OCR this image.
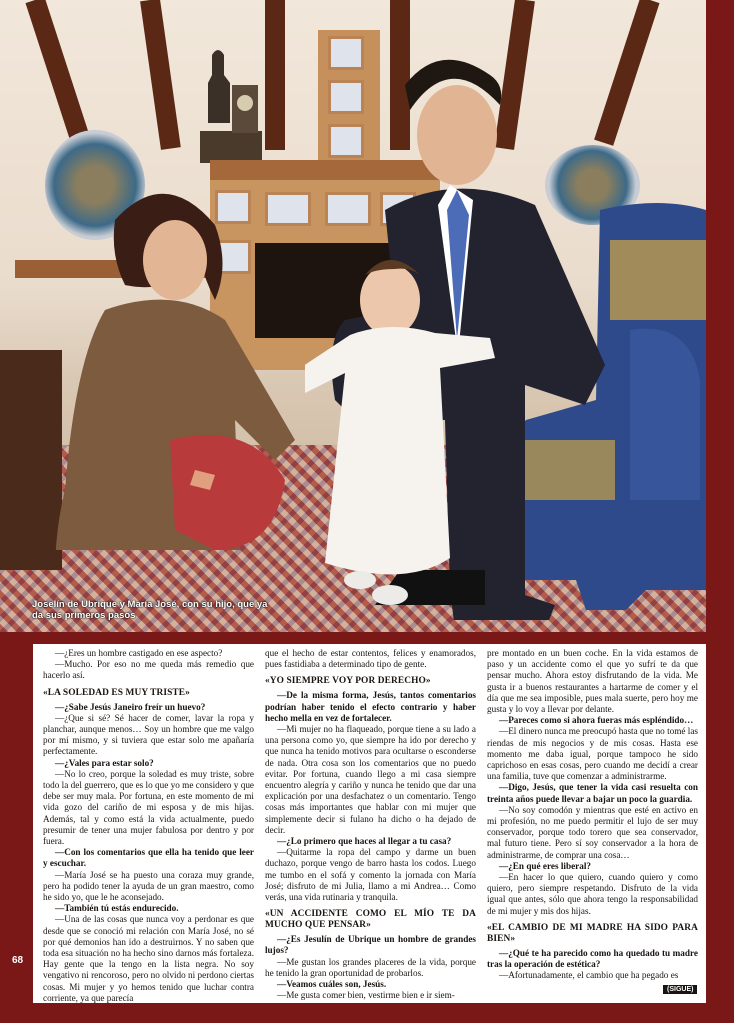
Joselín de Ubrique y María José, con su hijo, que ya da sus primeros pasos

—¿Eres un hombre castigado en ese aspecto?

—Mucho. Por eso no me queda más remedio que hacerlo así.

«LA SOLEDAD ES MUY TRISTE»

—¿Sabe Jesús Janeiro freír un huevo?

—¿Que si sé? Sé hacer de comer, lavar la ropa y planchar, aunque menos… Soy un hombre que me valgo por mí mismo, y si tuviera que estar solo me apañaría perfectamente.

—¿Vales para estar solo?

—No lo creo, porque la soledad es muy triste, sobre todo la del guerrero, que es lo que yo me considero y que debe ser muy mala. Por fortuna, en este momento de mi vida gozo del cariño de mi esposa y de mis hijas. Además, tal y como está la vida actualmente, puedo presumir de tener una mujer fabulosa por dentro y por fuera.

—Con los comentarios que ella ha tenido que leer y escuchar.

—María José se ha puesto una coraza muy grande, pero ha podido tener la ayuda de un gran maestro, como he sido yo, que le he aconsejado.

—También tú estás endurecido.

—Una de las cosas que nunca voy a perdonar es que desde que se conoció mi relación con María José, no sé por qué demonios han ido a destruirnos. Y no saben que toda esa situación no ha hecho sino darnos más fortaleza. Hay gente que la tengo en la lista negra. No soy vengativo ni rencoroso, pero no olvido ni perdono ciertas cosas. Mi mujer y yo hemos tenido que luchar contra corriente, ya que parecía

que el hecho de estar contentos, felices y enamorados, pues fastidiaba a determinado tipo de gente.

«YO SIEMPRE VOY POR DERECHO»

—De la misma forma, Jesús, tantos comentarios podrían haber tenido el efecto contrario y haber hecho mella en vez de fortalecer.

—Mi mujer no ha flaqueado, porque tiene a su lado a una persona como yo, que siempre ha ido por derecho y que nunca ha tenido motivos para ocultarse o esconderse de nada. Otra cosa son los comentarios que no puedo evitar. Por fortuna, cuando llego a mi casa siempre encuentro alegría y cariño y nunca he tenido que dar una explicación por una desfachatez o un comentario. Tengo cosas más importantes que hablar con mi mujer que simplemente decir si fulano ha dicho o ha dejado de decir.

—¿Lo primero que haces al llegar a tu casa?

—Quitarme la ropa del campo y darme un buen duchazo, porque vengo de barro hasta los codos. Luego me tumbo en el sofá y comento la jornada con María José; disfruto de mi Julia, llamo a mi Andrea… Como verás, una vida rutinaria y tranquila.

«UN ACCIDENTE COMO EL MÍO TE DA MUCHO QUE PENSAR»

—¿Es Jesulín de Ubrique un hombre de grandes lujos?

—Me gustan los grandes placeres de la vida, porque he tenido la gran oportunidad de probarlos.

—Veamos cuáles son, Jesús.

—Me gusta comer bien, vestirme bien e ir siem-

pre montado en un buen coche. En la vida estamos de paso y un accidente como el que yo sufrí te da que pensar mucho. Ahora estoy disfrutando de la vida. Me gusta ir a buenos restaurantes a hartarme de comer y el día que me sea imposible, pues mala suerte, pero hoy me gusta y lo voy a llevar por delante.

—Pareces como si ahora fueras más espléndido…

—El dinero nunca me preocupó hasta que no tomé las riendas de mis negocios y de mis cosas. Hasta ese momento me daba igual, porque tampoco he sido caprichoso en esas cosas, pero cuando me decidí a crear una familia, tuve que comenzar a administrarme.

—Digo, Jesús, que tener la vida casi resuelta con treinta años puede llevar a bajar un poco la guardia.

—No soy comodón y mientras que esté en activo en mi profesión, no me puedo permitir el lujo de ser muy conservador, porque todo torero que sea conservador, mal futuro tiene. Pero sí soy conservador a la hora de administrarme, de comprar una cosa…

—¿En qué eres liberal?

—En hacer lo que quiero, cuando quiero y como quiero, pero siempre respetando. Disfruto de la vida igual que antes, sólo que ahora tengo la responsabilidad de mi mujer y mis dos hijas.

«EL CAMBIO DE MI MADRE HA SIDO PARA BIEN»

—¿Qué te ha parecido como ha quedado tu madre tras la operación de estética?

—Afortunadamente, el cambio que ha pegado es

68
(SIGUE)
